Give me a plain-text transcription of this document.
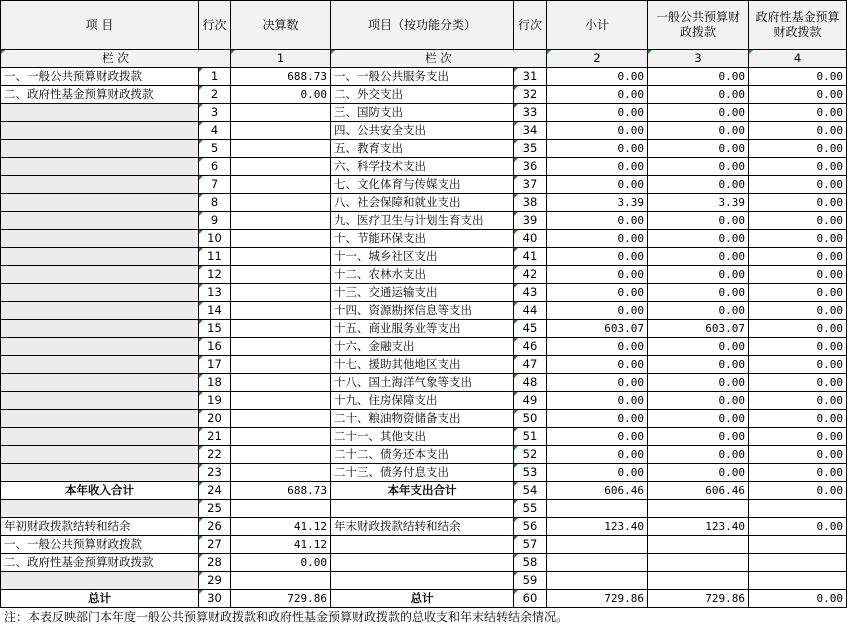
项 目	行次	决算数	项目（按功能分类）	行次	小计	一般公共预算财政拨款	政府性基金预算财政拨款
栏 次		1	栏 次		2	3	4
一、一般公共预算财政拨款	1	688.73	一、一般公共服务支出	31	0.00	0.00	0.00
二、政府性基金预算财政拨款	2	0.00	二、外交支出	32	0.00	0.00	0.00
	3		三、国防支出	33	0.00	0.00	0.00
	4		四、公共安全支出	34	0.00	0.00	0.00
	5		五、教育支出	35	0.00	0.00	0.00
	6		六、科学技术支出	36	0.00	0.00	0.00
	7		七、文化体育与传媒支出	37	0.00	0.00	0.00
	8		八、社会保障和就业支出	38	3.39	3.39	0.00
	9		九、医疗卫生与计划生育支出	39	0.00	0.00	0.00
	10		十、节能环保支出	40	0.00	0.00	0.00
	11		十一、城乡社区支出	41	0.00	0.00	0.00
	12		十二、农林水支出	42	0.00	0.00	0.00
	13		十三、交通运输支出	43	0.00	0.00	0.00
	14		十四、资源勘探信息等支出	44	0.00	0.00	0.00
	15		十五、商业服务业等支出	45	603.07	603.07	0.00
	16		十六、金融支出	46	0.00	0.00	0.00
	17		十七、援助其他地区支出	47	0.00	0.00	0.00
	18		十八、国土海洋气象等支出	48	0.00	0.00	0.00
	19		十九、住房保障支出	49	0.00	0.00	0.00
	20		二十、粮油物资储备支出	50	0.00	0.00	0.00
	21		二十一、其他支出	51	0.00	0.00	0.00
	22		二十二、债务还本支出	52	0.00	0.00	0.00
	23		二十三、债务付息支出	53	0.00	0.00	0.00
本年收入合计	24	688.73	本年支出合计	54	606.46	606.46	0.00
	25			55			
年初财政拨款结转和结余	26	41.12	年末财政拨款结转和结余	56	123.40	123.40	0.00
一、一般公共预算财政拨款	27	41.12		57			
二、政府性基金预算财政拨款	28	0.00		58			
	29			59			
总计	30	729.86	总计	60	729.86	729.86	0.00
注：本表反映部门本年度一般公共预算财政拨款和政府性基金预算财政拨款的总收支和年末结转结余情况。
